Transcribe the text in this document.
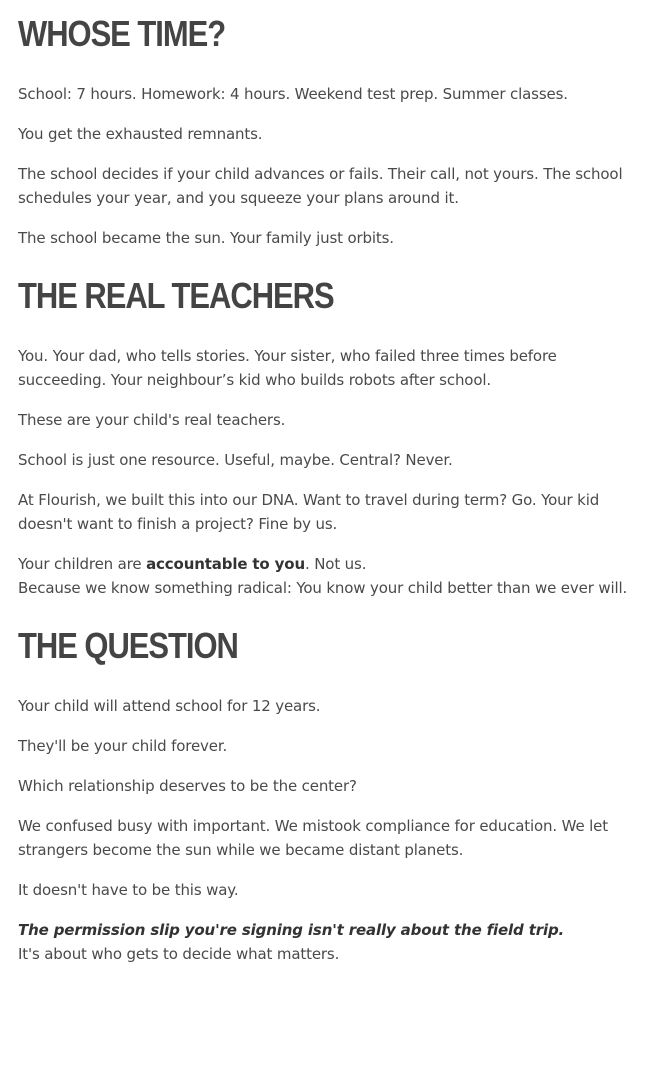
WHOSE TIME?

School: 7 hours. Homework: 4 hours. Weekend test prep. Summer classes.

You get the exhausted remnants.

The school decides if your child advances or fails. Their call, not yours. The school
schedules your year, and you squeeze your plans around it.

The school became the sun. Your family just orbits.

THE REAL TEACHERS

You. Your dad, who tells stories. Your sister, who failed three times before
succeeding. Your neighbour’s kid who builds robots after school.

These are your child's real teachers.

School is just one resource. Useful, maybe. Central? Never.

At Flourish, we built this into our DNA. Want to travel during term? Go. Your kid
doesn't want to finish a project? Fine by us.

Your children are accountable to you. Not us.
Because we know something radical: You know your child better than we ever will.

THE QUESTION

Your child will attend school for 12 years.

They'll be your child forever.

Which relationship deserves to be the center?

We confused busy with important. We mistook compliance for education. We let
strangers become the sun while we became distant planets.

It doesn't have to be this way.

The permission slip you're signing isn't really about the field trip.
It's about who gets to decide what matters.
